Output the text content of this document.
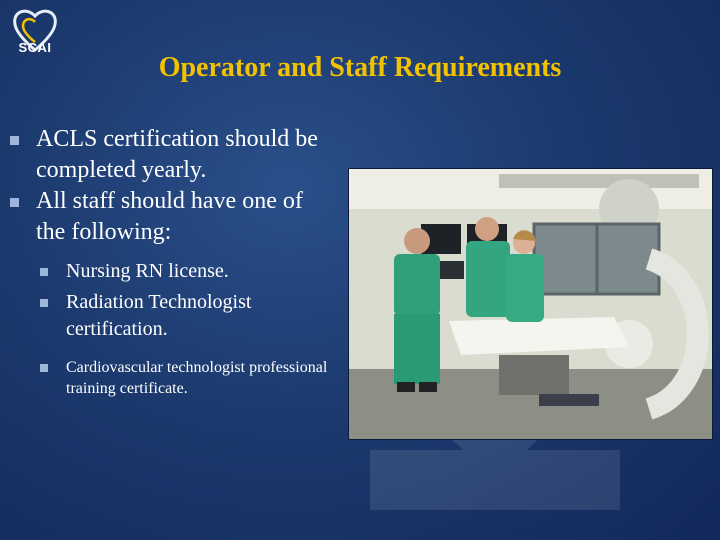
SCAI
Operator and Staff Requirements
ACLS certification should be completed yearly.
All staff should have one of the following:
Nursing RN license.
Radiation Technologist certification.
Cardiovascular technologist professional training certificate.
